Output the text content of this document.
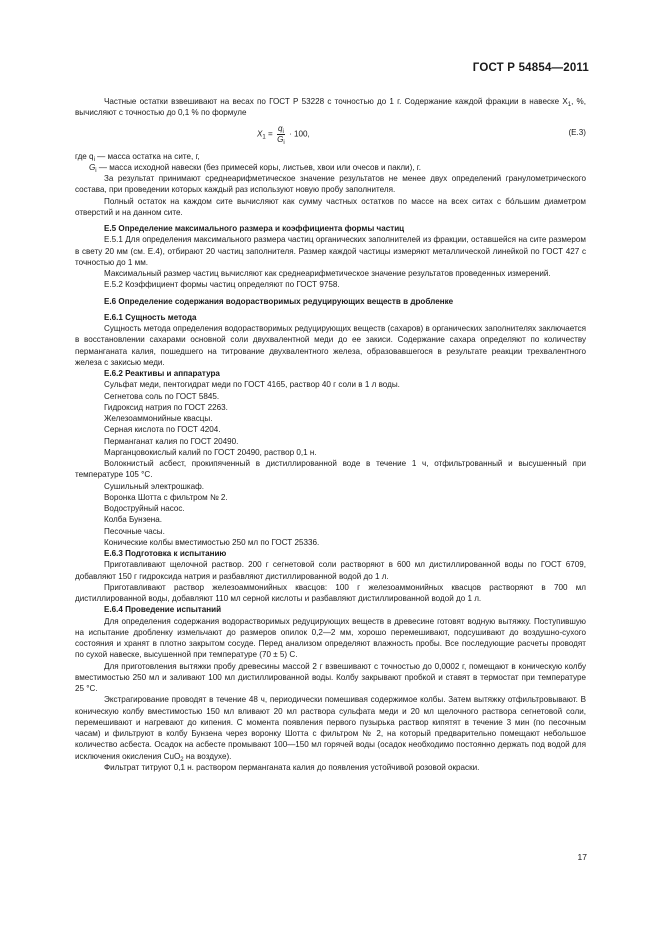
ГОСТ Р 54854—2011

Частные остатки взвешивают на весах по ГОСТ Р 53228 с точностью до 1 г. Содержание каждой фракции в навеске $X_1$, %, вычисляют с точностью до 0,1 % по формуле

$X_1 = \frac{q_i}{G_i} \cdot 100$,	(Е.3)

где $q_i$ — масса остатка на сите, г,

$G_i$ — масса исходной навески (без примесей коры, листьев, хвои или очесов и пакли), г.

За результат принимают среднеарифметическое значение результатов не менее двух определений гранулометрического состава, при проведении которых каждый раз используют новую пробу заполнителя.

Полный остаток на каждом сите вычисляют как сумму частных остатков по массе на всех ситах с бóльшим диаметром отверстий и на данном сите.

Е.5 Определение максимального размера и коэффициента формы частиц

Е.5.1 Для определения максимального размера частиц органических заполнителей из фракции, оставшейся на сите размером в свету 20 мм (см. Е.4), отбирают 20 частиц заполнителя. Размер каждой частицы измеряют металлической линейкой по ГОСТ 427 с точностью до 1 мм.

Максимальный размер частиц вычисляют как среднеарифметическое значение результатов проведенных измерений.

Е.5.2 Коэффициент формы частиц определяют по ГОСТ 9758.

Е.6 Определение содержания водорастворимых редуцирующих веществ в дробленке

Е.6.1 Сущность метода

Сущность метода определения водорастворимых редуцирующих веществ (сахаров) в органических заполнителях заключается в восстановлении сахарами основной соли двухвалентной меди до ее закиси. Содержание сахара определяют по количеству перманганата калия, пошедшего на титрование двухвалентного железа, образовавшегося в результате реакции трехвалентного железа с закисью меди.

Е.6.2 Реактивы и аппаратура

Сульфат меди, пентогидрат меди по ГОСТ 4165, раствор 40 г соли в 1 л воды.

Сегнетова соль по ГОСТ 5845.

Гидроксид натрия по ГОСТ 2263.

Железоаммонийные квасцы.

Серная кислота по ГОСТ 4204.

Перманганат калия по ГОСТ 20490.

Марганцовокислый калий по ГОСТ 20490, раствор 0,1 н.

Волокнистый асбест, прокипяченный в дистиллированной воде в течение 1 ч, отфильтрованный и высушенный при температуре 105 °С.

Сушильный электрошкаф.

Воронка Шотта с фильтром № 2.

Водоструйный насос.

Колба Бунзена.

Песочные часы.

Конические колбы вместимостью 250 мл по ГОСТ 25336.

Е.6.3 Подготовка к испытанию

Приготавливают щелочной раствор. 200 г сегнетовой соли растворяют в 600 мл дистиллированной воды по ГОСТ 6709, добавляют 150 г гидроксида натрия и разбавляют дистиллированной водой до 1 л.

Приготавливают раствор железоаммонийных квасцов: 100 г железоаммонийных квасцов растворяют в 700 мл дистиллированной воды, добавляют 110 мл серной кислоты и разбавляют дистиллированной водой до 1 л.

Е.6.4 Проведение испытаний

Для определения содержания водорастворимых редуцирующих веществ в древесине готовят водную вытяжку. Поступившую на испытание дробленку измельчают до размеров опилок 0,2—2 мм, хорошо перемешивают, подсушивают до воздушно-сухого состояния и хранят в плотно закрытом сосуде. Перед анализом определяют влажность пробы. Все последующие расчеты проводят по сухой навеске, высушенной при температуре (70 ± 5) С.

Для приготовления вытяжки пробу древесины массой 2 г взвешивают с точностью до 0,0002 г, помещают в коническую колбу вместимостью 250 мл и заливают 100 мл дистиллированной воды. Колбу закрывают пробкой и ставят в термостат при температуре 25 °С.

Экстрагирование проводят в течение 48 ч, периодически помешивая содержимое колбы. Затем вытяжку отфильтровывают. В коническую колбу вместимостью 150 мл вливают 20 мл раствора сульфата меди и 20 мл щелочного раствора сегнетовой соли, перемешивают и нагревают до кипения. С момента появления первого пузырька раствор кипятят в течение 3 мин (по песочным часам) и фильтруют в колбу Бунзена через воронку Шотта с фильтром № 2, на который предварительно помещают небольшое количество асбеста. Осадок на асбесте промывают 100—150 мл горячей воды (осадок необходимо постоянно держать под водой для исключения окисления CuO$_2$ на воздухе).

Фильтрат титруют 0,1 н. раствором перманганата калия до появления устойчивой розовой окраски.

17
